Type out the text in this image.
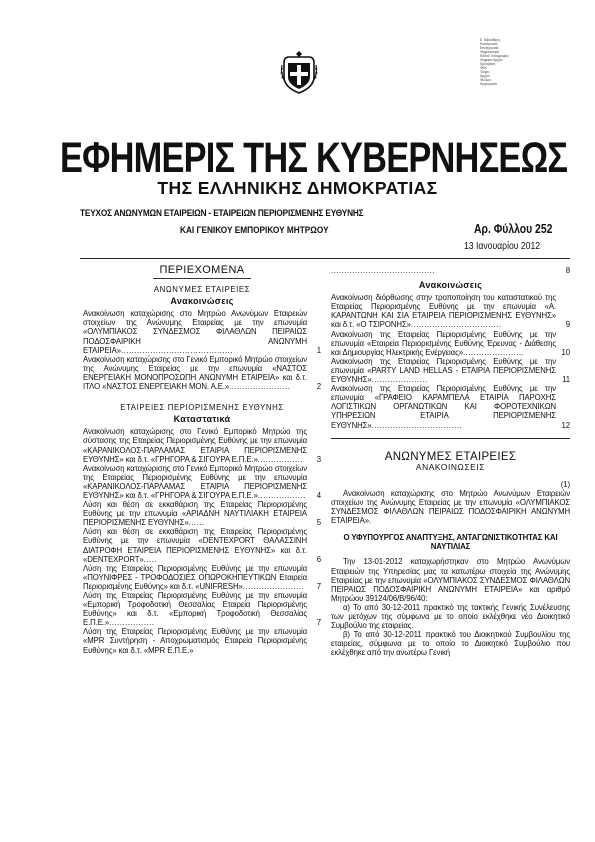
Ε. Βιβλιοθήκη
Ηλεκτρονική
Επεξεργασία
Ψηφιοποίηση
Εθνικό Τυπογραφείο
Ψηφιακό Αρχείο
Πρόσβαση
ΦΕΚ
Τεύχος
Αρχείο
Φύλλου
Ημερομηνία
ΕΦΗΜΕΡΙΣ ΤΗΣ ΚΥΒΕΡΝΗΣΕΩΣ
ΤΗΣ ΕΛΛΗΝΙΚΗΣ ΔΗΜΟΚΡΑΤΙΑΣ
ΤΕΥΧΟΣ ΑΝΩΝΥΜΩΝ ΕΤΑΙΡΕΙΩΝ - ΕΤΑΙΡΕΙΩΝ ΠΕΡΙΟΡΙΣΜΕΝΗΣ ΕΥΘΥΝΗΣ
ΚΑΙ ΓΕΝΙΚΟΥ ΕΜΠΟΡΙΚΟΥ ΜΗΤΡΩΟΥ	Αρ. Φύλλου 252
13 Ιανουαρίου 2012
ΠΕΡΙΕΧΟΜΕΝΑ
ΑΝΩΝΥΜΕΣ ΕΤΑΙΡΕΙΕΣ
Ανακοινώσεις

Ανακοίνωση καταχώρισης στο Μητρώο Ανωνύμων Εταιρειών στοιχείων της Ανώνυμης Εταιρείας με την επωνυμία «ΟΛΥΜΠΙΑΚΟΣ ΣΥΝΔΕΣΜΟΣ ΦΙΛΑΘΛΩΝ ΠΕΙΡΑΙΩΣ ΠΟΔΟΣΦΑΙΡΙΚΗ ΑΝΩΝΥΜΗ ΕΤΑΙΡΕΙΑ»..........................................	1

Ανακοίνωση καταχώρισης στο Γενικό Εμπορικό Μητρώο στοιχείων της Ανώνυμης Εταιρείας με την επωνυμία «ΝΑΣΤΟΣ ΕΝΕΡΓΕΙΑΚΗ ΜΟΝΟΠΡΟΣΩΠΗ ΑΝΩΝΥΜΗ ΕΤΑΙΡΕΙΑ» και δ.τ. ΙΤΛΟ «ΝΑΣΤΟΣ ΕΝΕΡΓΕΙΑΚΗ ΜΟΝ. Α.Ε.».......................	2

ΕΤΑΙΡΕΙΕΣ ΠΕΡΙΟΡΙΣΜΕΝΗΣ ΕΥΘΥΝΗΣ
Καταστατικά

Ανακοίνωση καταχώρισης στο Γενικό Εμπορικό Μητρώο της σύστασης της Εταιρείας Περιορισμένης Ευθύνης με την επωνυμία «ΚΑΡΑΝΙΚΟΛΟΣ-ΠΑΡΛΑΜΑΣ ΕΤΑΙΡΙΑ ΠΕΡΙΟΡΙΣΜΕΝΗΣ ΕΥΘΥΝΗΣ» και δ.τ. «ΓΡΗΓΟΡΑ & ΣΙΓΟΥΡΑ Ε.Π.Ε.».................	3

Ανακοίνωση καταχώρισης στο Γενικό Εμπορικό Μητρώο στοιχείων της Εταιρείας Περιορισμένης Ευθύνης με την επωνυμία «ΚΑΡΑΝΙΚΟΛΟΣ-ΠΑΡΛΑΜΑΣ ΕΤΑΙΡΙΑ ΠΕΡΙΟΡΙΣΜΕΝΗΣ ΕΥΘΥΝΗΣ» και δ.τ. «ΓΡΗΓΟΡΑ & ΣΙΓΟΥΡΑ Ε.Π.Ε.»..................	4

Λύση και θέση σε εκκαθάριση της Εταιρείας Περιορισμένης Ευθύνης με την επωνυμία «ΑΡΙΑΔΝΗ ΝΑΥΤΙΛΙΑΚΗ ΕΤΑΙΡΕΙΑ ΠΕΡΙΟΡΙΣΜΕΝΗΣ ΕΥΘΥΝΗΣ»......	5

Λύση και θέση σε εκκαθάριση της Εταιρείας Περιορισμένης Ευθύνης με την επωνυμία «DENTEXPORT ΘΑΛΑΣΣΙΝΗ ΔΙΑΤΡΟΦΗ ΕΤΑΙΡΕΙΑ ΠΕΡΙΟΡΙΣΜΕΝΗΣ ΕΥΘΥΝΗΣ» και δ.τ. «DENTEXPORT».....	6

Λύση της Εταιρείας Περιορισμένης Ευθύνης με την επωνυμία «ΠΟΥΝΙΦΡΕΣ - ΤΡΟΦΟΔΟΣΙΕΣ ΟΠΩΡΟΚΗΠΕΥΤΙΚΩΝ Εταιρεία Περιορισμένης Ευθύνης» και δ.τ. «UNIFRESH».......................	7

Λύση της Εταιρείας Περιορισμένης Ευθύνης με την επωνυμία «Εμπορική Τροφοδοτική Θεσσαλίας Εταιρεία Περιορισμένης Ευθύνης» και δ.τ. «Εμπορική Τροφοδοτική Θεσσαλίας Ε.Π.Ε.».................	7

Λύση της Εταιρείας Περιορισμένης Ευθύνης με την επωνυμία «MPR Συντήρηση - Αποχρωματισμός Εταιρεία Περιορισμένης Ευθύνης» και δ.τ. «MPR Ε.Π.Ε.»

.......................................	8

Ανακοινώσεις

Ανακοίνωση διόρθωσης στην τροποποίηση του καταστατικού της Εταιρείας Περιορισμένης Ευθύνης με την επωνυμία «Α. ΚΑΡΑΝΤΩΝΗ ΚΑΙ ΣΙΑ ΕΤΑΙΡΕΙΑ ΠΕΡΙΟΡΙΣΜΕΝΗΣ ΕΥΘΥΝΗΣ» και δ.τ. «Ο ΤΣΙΡΟΝΗΣ»..................................	9

Ανακοίνωση της Εταιρείας Περιορισμένης Ευθύνης με την επωνυμία «Εταιρεία Περιορισμένης Ευθύνης Έρευνας - Διάθεσης και Δημιουργίας Ηλεκτρικής Ενέργειας».......................	10

Ανακοίνωση της Εταιρείας Περιορισμένης Ευθύνης με την επωνυμία «PARTY LAND HELLAS - ΕΤΑΙΡΙΑ ΠΕΡΙΟΡΙΣΜΕΝΗΣ ΕΥΘΥΝΗΣ».....................	11

Ανακοίνωση της Εταιρείας Περιορισμένης Ευθύνης με την επωνυμία «ΓΡΑΦΕΙΟ ΚΑΡΑΜΠΕΛΑ ΕΤΑΙΡΙΑ ΠΑΡΟΧΗΣ ΛΟΓΙΣΤΙΚΩΝ ΟΡΓΑΝΩΤΙΚΩΝ ΚΑΙ ΦΟΡΟΤΕΧΝΙΚΩΝ ΥΠΗΡΕΣΙΩΝ ΕΤΑΙΡΙΑ ΠΕΡΙΟΡΙΣΜΕΝΗΣ ΕΥΘΥΝΗΣ»..................................	12

ΑΝΩΝΥΜΕΣ ΕΤΑΙΡΕΙΕΣ
ΑΝΑΚΟΙΝΩΣΕΙΣ

(1)

Ανακοίνωση καταχώρισης στο Μητρώο Ανωνύμων Εταιρειών στοιχείων της Ανώνυμης Εταιρείας με την επωνυμία «ΟΛΥΜΠΙΑΚΟΣ ΣΥΝΔΕΣΜΟΣ ΦΙΛΑΘΛΩΝ ΠΕΙΡΑΙΩΣ ΠΟΔΟΣΦΑΙΡΙΚΗ ΑΝΩΝΥΜΗ ΕΤΑΙΡΕΙΑ».

Ο ΥΦΥΠΟΥΡΓΟΣ ΑΝΑΠΤΥΞΗΣ, ΑΝΤΑΓΩΝΙΣΤΙΚΟΤΗΤΑΣ ΚΑΙ ΝΑΥΤΙΛΙΑΣ

Την 13-01-2012 καταχωρήστηκαν στο Μητρώο Ανωνύμων Εταιρειών της Υπηρεσίας μας τα κατωτέρω στοιχεία της Ανώνυμης Εταιρείας με την επωνυμία «ΟΛΥΜΠΙΑΚΟΣ ΣΥΝΔΕΣΜΟΣ ΦΙΛΑΘΛΩΝ ΠΕΙΡΑΙΩΣ ΠΟΔΟΣΦΑΙΡΙΚΗ ΑΝΩΝΥΜΗ ΕΤΑΙΡΕΙΑ» και αριθμό Μητρώου 39124/06/Β/96/40:

α) Το από 30-12-2011 πρακτικό της τακτικής Γενικής Συνέλευσης των μετόχων της σύμφωνα με το οποίο εκλέχθηκε νέο Διοικητικό Συμβούλιο της εταιρείας.

β) Το από 30-12-2011 πρακτικό του Διοικητικού Συμβουλίου της εταιρείας, σύμφωνα με το οποίο το Διοικητικό Συμβούλιο που εκλέχθηκε από την ανωτέρω Γενική
